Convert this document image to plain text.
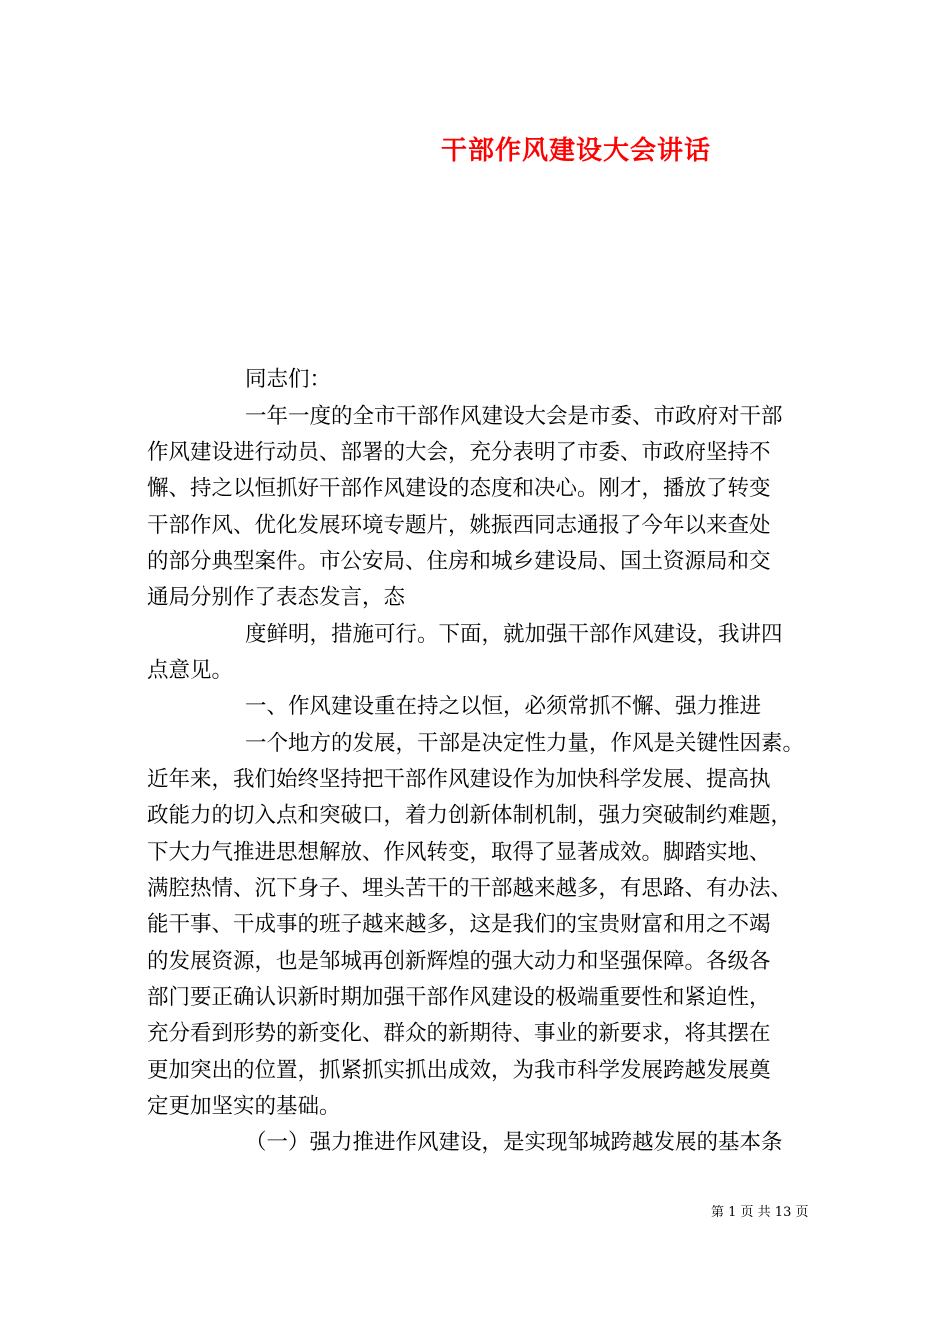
干部作风建设大会讲话
同志们：
一年一度的全市干部作风建设大会是市委、市政府对干部
作风建设进行动员、部署的大会，充分表明了市委、市政府坚持不
懈、持之以恒抓好干部作风建设的态度和决心。刚才，播放了转变
干部作风、优化发展环境专题片，姚振西同志通报了今年以来查处
的部分典型案件。市公安局、住房和城乡建设局、国土资源局和交
通局分别作了表态发言，态
度鲜明，措施可行。下面，就加强干部作风建设，我讲四
点意见。
一、作风建设重在持之以恒，必须常抓不懈、强力推进
一个地方的发展，干部是决定性力量，作风是关键性因素。
近年来，我们始终坚持把干部作风建设作为加快科学发展、提高执
政能力的切入点和突破口，着力创新体制机制，强力突破制约难题，
下大力气推进思想解放、作风转变，取得了显著成效。脚踏实地、
满腔热情、沉下身子、埋头苦干的干部越来越多，有思路、有办法、
能干事、干成事的班子越来越多，这是我们的宝贵财富和用之不竭
的发展资源，也是邹城再创新辉煌的强大动力和坚强保障。各级各
部门要正确认识新时期加强干部作风建设的极端重要性和紧迫性，
充分看到形势的新变化、群众的新期待、事业的新要求，将其摆在
更加突出的位置，抓紧抓实抓出成效，为我市科学发展跨越发展奠
定更加坚实的基础。
（一）强力推进作风建设，是实现邹城跨越发展的基本条
第 1 页 共 13 页
